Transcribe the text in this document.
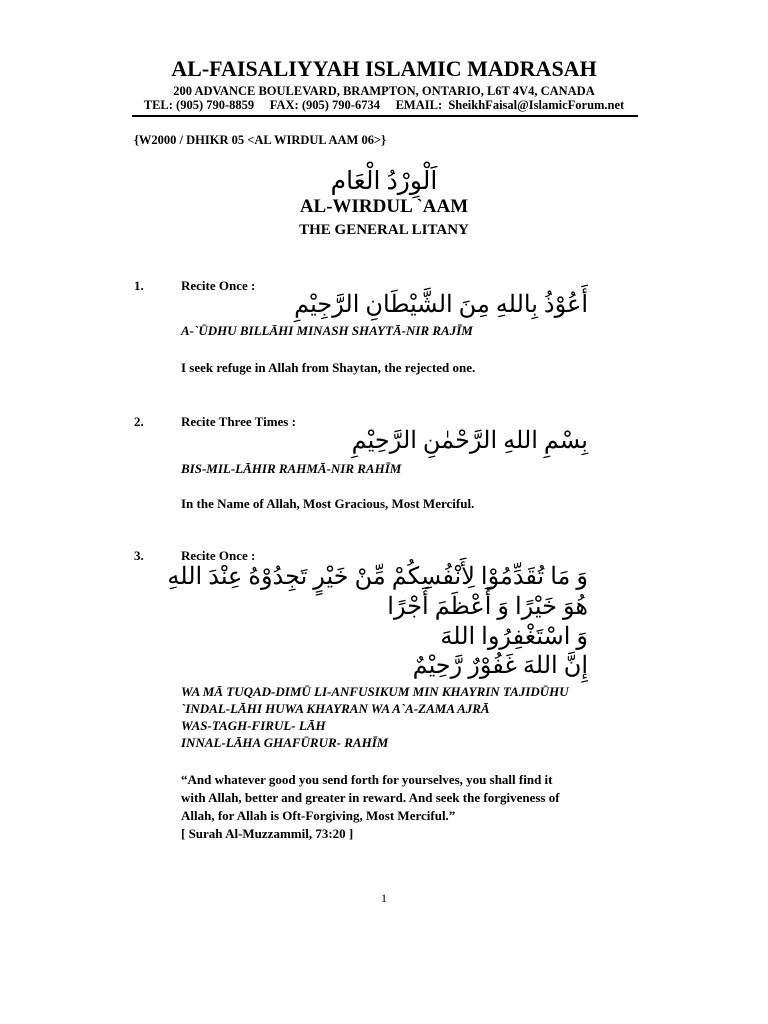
AL-FAISALIYYAH ISLAMIC MADRASAH
200 ADVANCE BOULEVARD, BRAMPTON, ONTARIO, L6T 4V4, CANADA
TEL: (905) 790-8859     FAX: (905) 790-6734     EMAIL:  SheikhFaisal@IslamicForum.net
{W2000 / DHIKR 05 <AL WIRDUL AAM 06>}
اَلْوِرْدُ الْعَام
AL-WIRDUL `AAM
THE GENERAL LITANY
1.	Recite Once :
أَعُوْذُ بِاللهِ مِنَ الشَّيْطَانِ الرَّجِيْمِ
A-`ŪDHU BILLĀHI MINASH SHAYTĀ-NIR RAJĪM
I seek refuge in Allah from Shaytan, the rejected one.
2.	Recite Three Times :
بِسْمِ اللهِ الرَّحْمٰنِ الرَّحِيْمِ
BIS-MIL-LĀHIR RAHMĀ-NIR RAHĪM
In the Name of Allah, Most Gracious, Most Merciful.
3.	Recite Once :
وَ مَا تُقَدِّمُوْا لِأَنْفُسِكُمْ مِّنْ خَيْرٍ تَجِدُوْهُ عِنْدَ اللهِ
هُوَ خَيْرًا وَ أَعْظَمَ أَجْرًا
وَ اسْتَغْفِرُوا اللهَ
إِنَّ اللهَ غَفُوْرٌ رَّحِيْمٌ
WA MĀ TUQAD-DIMŪ LI-ANFUSIKUM MIN KHAYRIN TAJIDŪHU
`INDAL-LĀHI HUWA KHAYRAN WA A`A-ZAMA AJRĀ
WAS-TAGH-FIRUL- LĀH
INNAL-LĀHA GHAFŪRUR- RAHĪM
“And whatever good you send forth for yourselves, you shall find it
with Allah, better and greater in reward. And seek the forgiveness of
Allah, for Allah is Oft-Forgiving, Most Merciful.”
[ Surah Al-Muzzammil, 73:20 ]
1
